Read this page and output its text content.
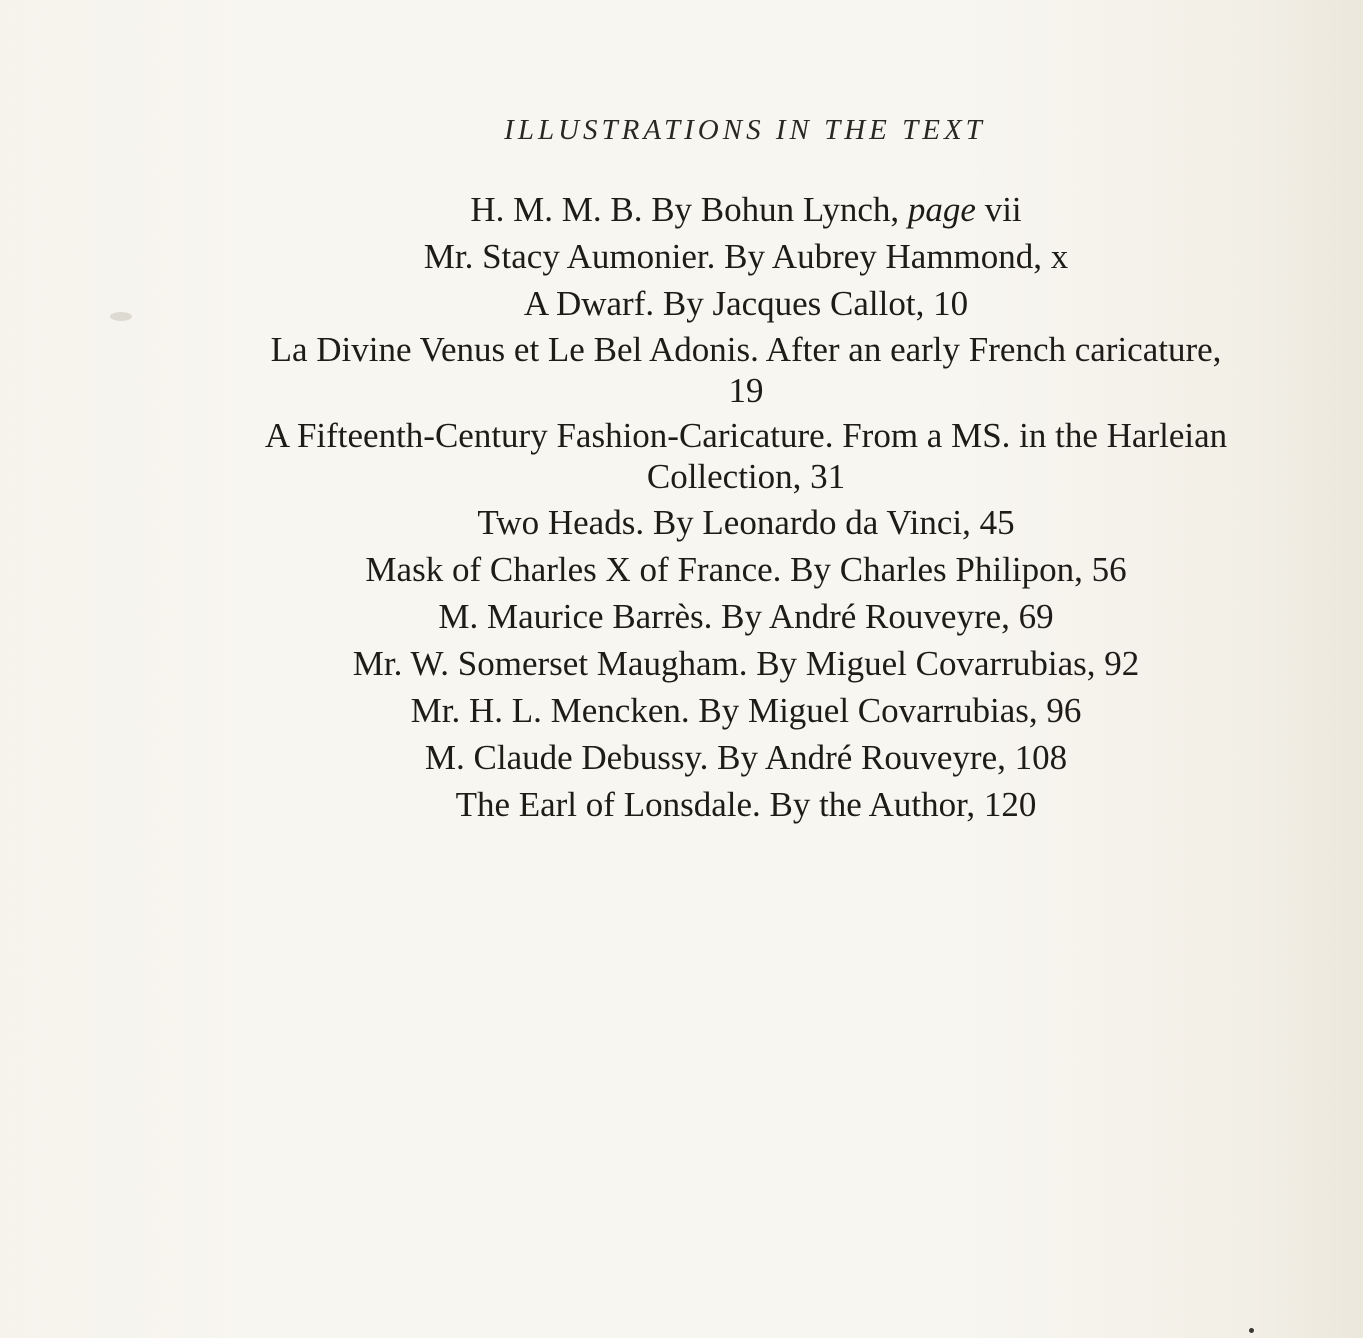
ILLUSTRATIONS IN THE TEXT
H. M. M. B. By Bohun Lynch, page vii
Mr. Stacy Aumonier. By Aubrey Hammond, x
A Dwarf. By Jacques Callot, 10
La Divine Venus et Le Bel Adonis. After an early French caricature, 19
A Fifteenth-Century Fashion-Caricature. From a MS. in the Harleian Collection, 31
Two Heads. By Leonardo da Vinci, 45
Mask of Charles X of France. By Charles Philipon, 56
M. Maurice Barrès. By André Rouveyre, 69
Mr. W. Somerset Maugham. By Miguel Covarrubias, 92
Mr. H. L. Mencken. By Miguel Covarrubias, 96
M. Claude Debussy. By André Rouveyre, 108
The Earl of Lonsdale. By the Author, 120
